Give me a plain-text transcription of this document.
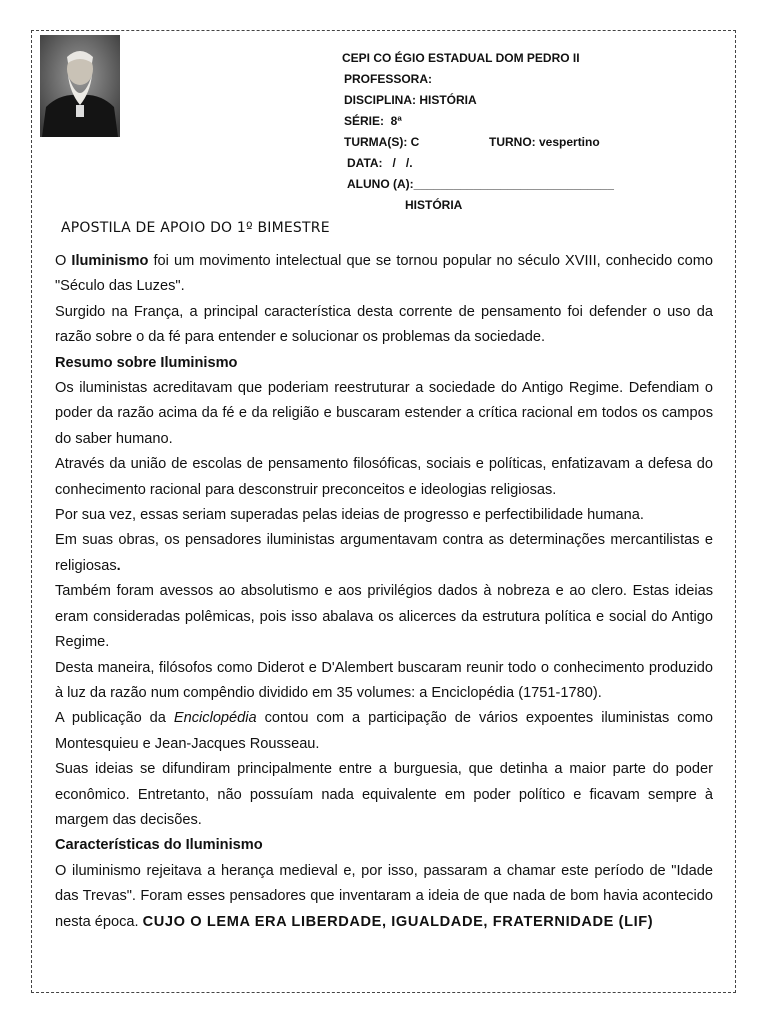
CEPI CO ÉGIO ESTADUAL DOM PEDRO II
PROFESSORA:
DISCIPLINA: HISTÓRIA
SÉRIE:  8ª
TURMA(S): C	TURNO: vespertino
DATA:   /   /.
ALUNO (A):______________________________
HISTÓRIA
APOSTILA DE APOIO DO 1º BIMESTRE

O Iluminismo foi um movimento intelectual que se tornou popular no século XVIII, conhecido como "Século das Luzes".

Surgido na França, a principal característica desta corrente de pensamento foi defender o uso da razão sobre o da fé para entender e solucionar os problemas da sociedade.

Resumo sobre Iluminismo

Os iluministas acreditavam que poderiam reestruturar a sociedade do Antigo Regime. Defendiam o poder da razão acima da fé e da religião e buscaram estender a crítica racional em todos os campos do saber humano.

Através da união de escolas de pensamento filosóficas, sociais e políticas, enfatizavam a defesa do conhecimento racional para desconstruir preconceitos e ideologias religiosas.

Por sua vez, essas seriam superadas pelas ideias de progresso e perfectibilidade humana.

Em suas obras, os pensadores iluministas argumentavam contra as determinações mercantilistas e religiosas.

Também foram avessos ao absolutismo e aos privilégios dados à nobreza e ao clero. Estas ideias eram consideradas polêmicas, pois isso abalava os alicerces da estrutura política e social do Antigo Regime.

Desta maneira, filósofos como Diderot e D'Alembert buscaram reunir todo o conhecimento produzido à luz da razão num compêndio dividido em 35 volumes: a Enciclopédia (1751-1780).

A publicação da Enciclopédia contou com a participação de vários expoentes iluministas como Montesquieu e Jean-Jacques Rousseau.

Suas ideias se difundiram principalmente entre a burguesia, que detinha a maior parte do poder econômico. Entretanto, não possuíam nada equivalente em poder político e ficavam sempre à margem das decisões.

Características do Iluminismo

O iluminismo rejeitava a herança medieval e, por isso, passaram a chamar este período de "Idade das Trevas". Foram esses pensadores que inventaram a ideia de que nada de bom havia acontecido nesta época. CUJO O LEMA ERA LIBERDADE, IGUALDADE, FRATERNIDADE (LIF)
